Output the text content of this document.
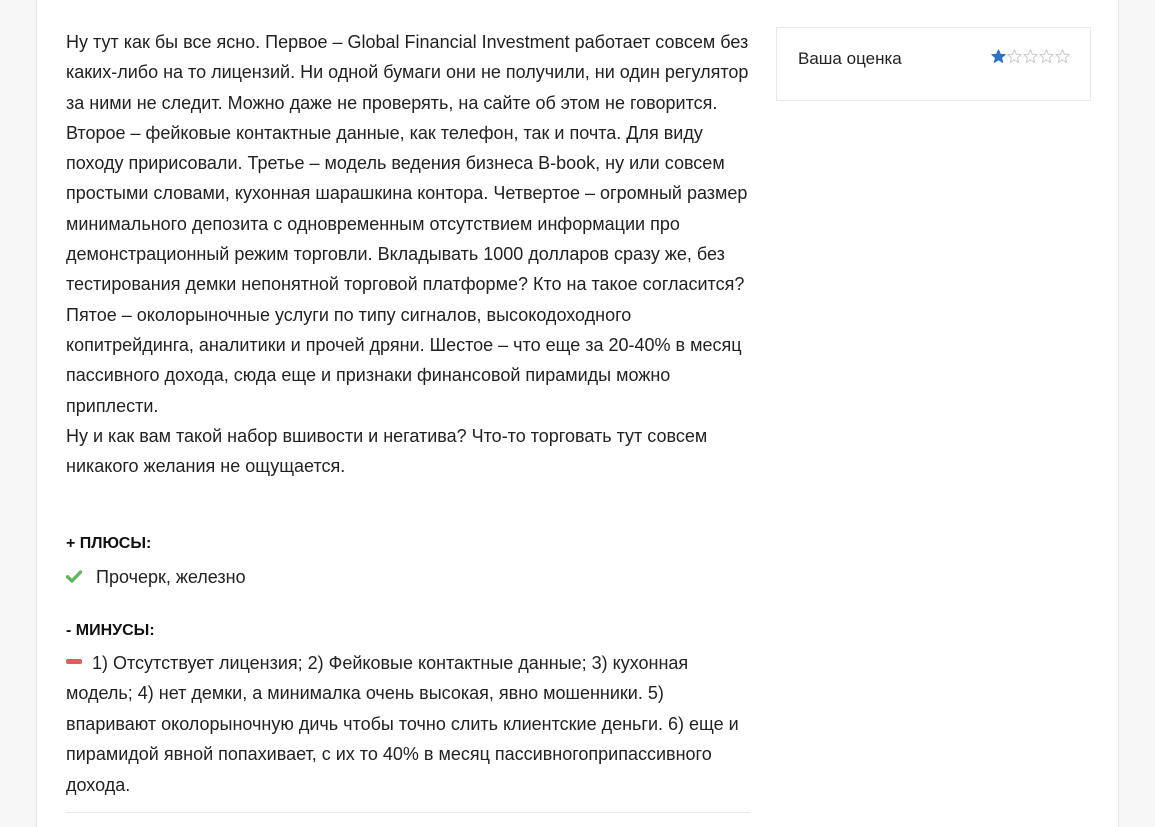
Ну тут как бы все ясно. Первое – Global Financial Investment работает совсем без каких-либо на то лицензий. Ни одной бумаги они не получили, ни один регулятор за ними не следит. Можно даже не проверять, на сайте об этом не говорится. Второе – фейковые контактные данные, как телефон, так и почта. Для виду походу пририсовали. Третье – модель ведения бизнеса B-book, ну или совсем простыми словами, кухонная шарашкина контора. Четвертое – огромный размер минимального депозита с одновременным отсутствием информации про демонстрационный режим торговли. Вкладывать 1000 долларов сразу же, без тестирования демки непонятной торговой платформе? Кто на такое согласится? Пятое – околорыночные услуги по типу сигналов, высокодоходного копитрейдинга, аналитики и прочей дряни. Шестое – что еще за 20-40% в месяц пассивного дохода, сюда еще и признаки финансовой пирамиды можно приплести.

Ну и как вам такой набор вшивости и негатива? Что-то торговать тут совсем никакого желания не ощущается.

+ ПЛЮСЫ:
Прочерк, железно
- МИНУСЫ:
1) Отсутствует лицензия; 2) Фейковые контактные данные; 3) кухонная модель; 4) нет демки, а минималка очень высокая, явно мошенники. 5) впаривают околорыночную дичь чтобы точно слить клиентские деньги. 6) еще и пирамидой явной попахивает, с их то 40% в месяц пассивногоприпассивного дохода.
Ваша оценка
